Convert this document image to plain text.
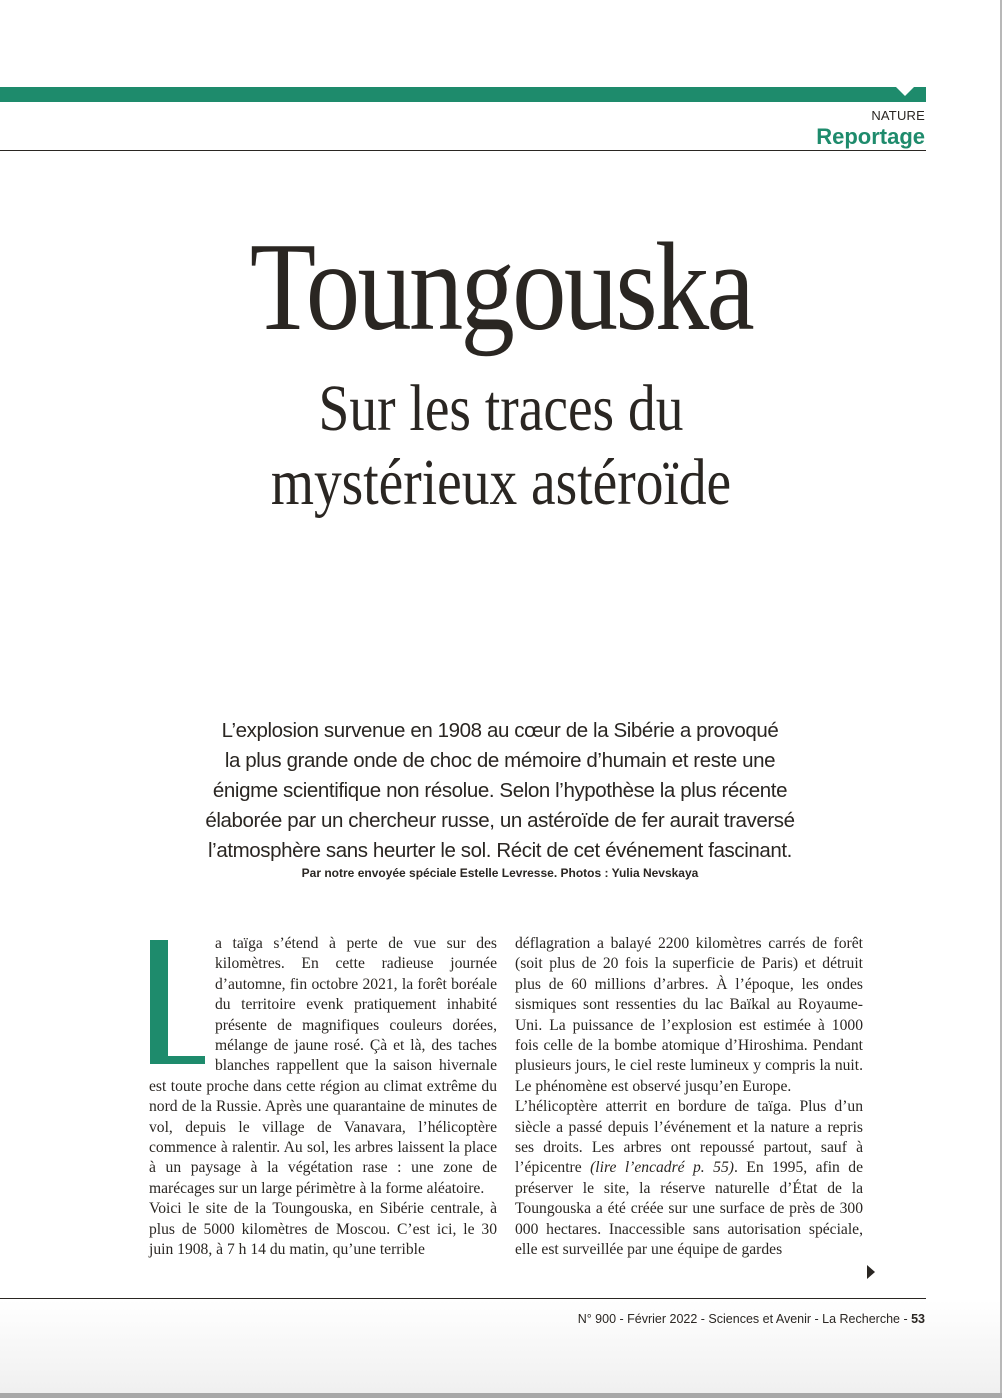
NATURE
Reportage
Toungouska
Sur les traces du
mystérieux astéroïde
L’explosion survenue en 1908 au cœur de la Sibérie a provoqué
la plus grande onde de choc de mémoire d’humain et reste une
énigme scientifique non résolue. Selon l’hypothèse la plus récente
élaborée par un chercheur russe, un astéroïde de fer aurait traversé
l’atmosphère sans heurter le sol. Récit de cet événement fascinant.
Par notre envoyée spéciale Estelle Levresse. Photos : Yulia Nevskaya

a taïga s’étend à perte de vue sur des kilomètres. En cette radieuse journée d’automne, fin octobre 2021, la forêt boréale du territoire evenk pratiquement inhabité présente de magnifiques couleurs dorées, mélange de jaune rosé. Çà et là, des taches blanches rappellent que la saison hivernale est toute proche dans cette région au climat extrême du nord de la Russie. Après une quarantaine de minutes de vol, depuis le village de Vanavara, l’hélicoptère commence à ralentir. Au sol, les arbres laissent la place à un paysage à la végétation rase : une zone de marécages sur un large périmètre à la forme aléatoire.

Voici le site de la Toungouska, en Sibérie centrale, à plus de 5000 kilomètres de Moscou. C’est ici, le 30 juin 1908, à 7 h 14 du matin, qu’une terrible

déflagration a balayé 2200 kilomètres carrés de forêt (soit plus de 20 fois la superficie de Paris) et détruit plus de 60 millions d’arbres. À l’époque, les ondes sismiques sont ressenties du lac Baïkal au Royaume-Uni. La puissance de l’explosion est estimée à 1000 fois celle de la bombe atomique d’Hiroshima. Pendant plusieurs jours, le ciel reste lumineux y compris la nuit. Le phénomène est observé jusqu’en Europe.

L’hélicoptère atterrit en bordure de taïga. Plus d’un siècle a passé depuis l’événement et la nature a repris ses droits. Les arbres ont repoussé partout, sauf à l’épicentre (lire l’encadré p. 55). En 1995, afin de préserver le site, la réserve naturelle d’État de la Toungouska a été créée sur une surface de près de 300 000 hectares. Inaccessible sans autorisation spéciale, elle est surveillée par une équipe de gardes

N° 900 - Février 2022 - Sciences et Avenir - La Recherche - 53
